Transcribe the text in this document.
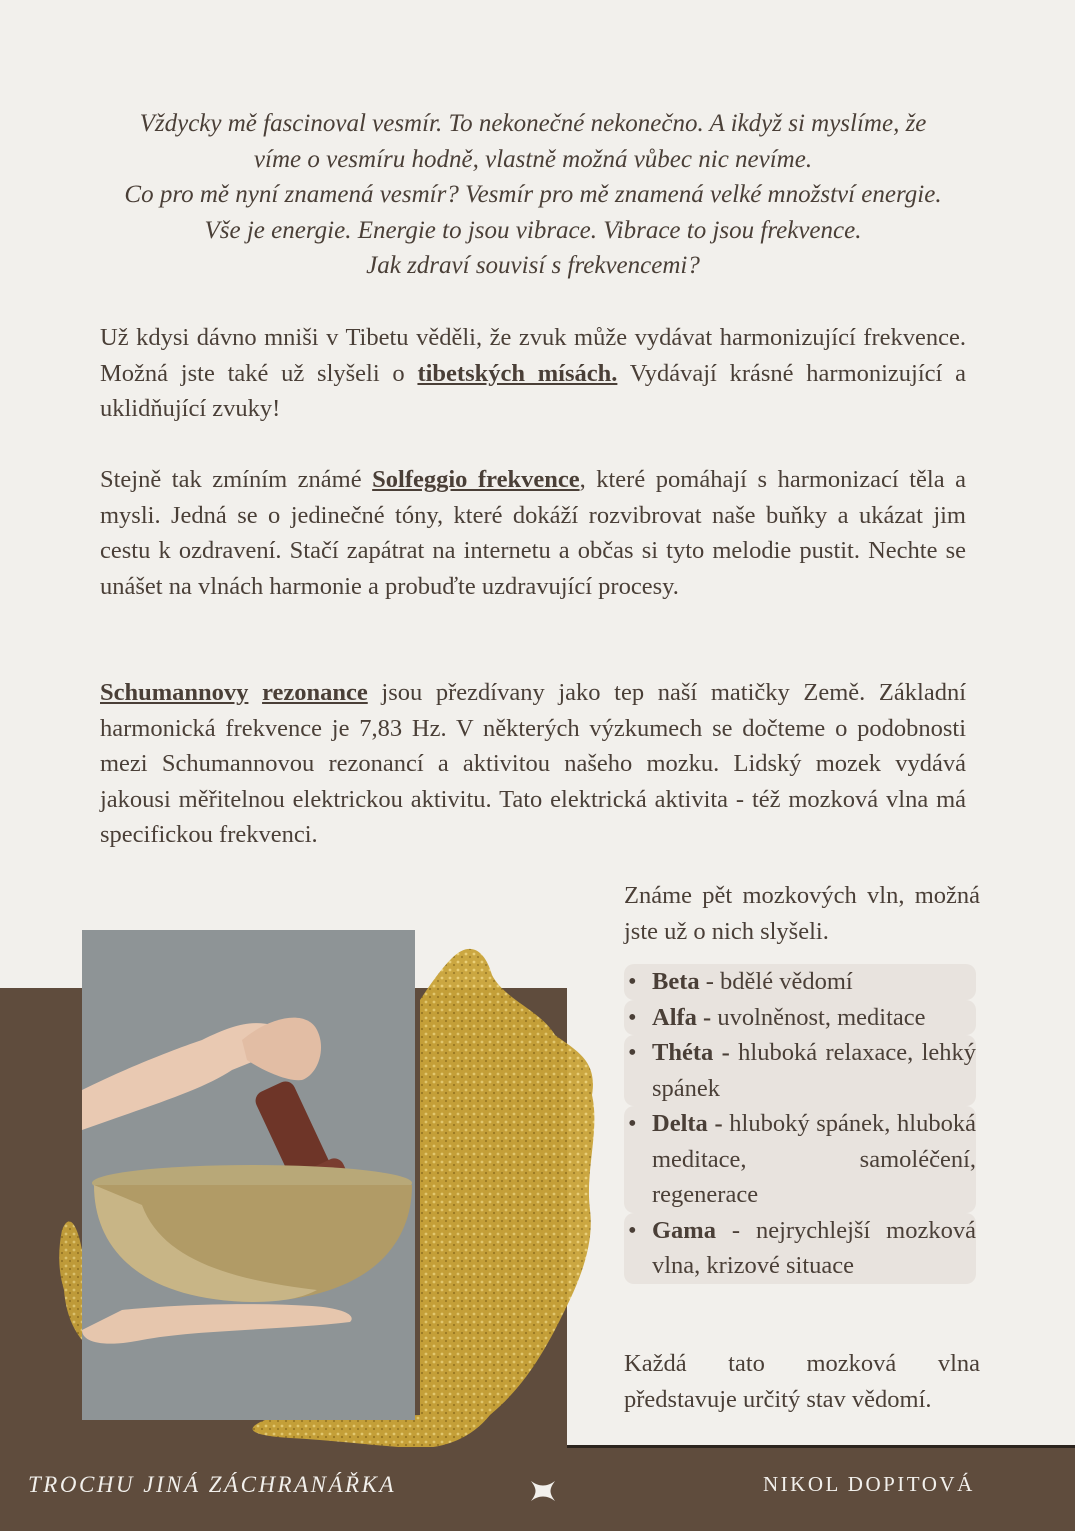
Vždycky mě fascinoval vesmír. To nekonečné nekonečno. A ikdyž si myslíme, že

víme o vesmíru hodně, vlastně možná vůbec nic nevíme.

Co pro mě nyní znamená vesmír? Vesmír pro mě znamená velké množství energie.

Vše je energie. Energie to jsou vibrace. Vibrace to jsou frekvence.

Jak zdraví souvisí s frekvencemi?

Už kdysi dávno mniši v Tibetu věděli, že zvuk může vydávat harmonizující frekvence. Možná jste také už slyšeli o tibetských mísách. Vydávají krásné harmonizující a uklidňující zvuky!

Stejně tak zmíním známé Solfeggio frekvence, které pomáhají s harmonizací těla a mysli. Jedná se o jedinečné tóny, které dokáží rozvibrovat naše buňky a ukázat jim cestu k ozdravení. Stačí zapátrat na internetu a občas si tyto melodie pustit. Nechte se unášet na vlnách harmonie a probuďte uzdravující procesy.

Schumannovy rezonance jsou přezdívany jako tep naší matičky Země. Základní harmonická frekvence je 7,83 Hz. V některých výzkumech se dočteme o podobnosti mezi Schumannovou rezonancí a aktivitou našeho mozku. Lidský mozek vydává jakousi měřitelnou elektrickou aktivitu. Tato elektrická aktivita - též mozková vlna má specifickou frekvenci.

Známe pět mozkových vln, možná jste už o nich slyšeli.

• Beta - bdělé vědomí
• Alfa - uvolněnost, meditace
• Théta - hluboká relaxace, lehký spánek
• Delta - hluboký spánek, hluboká meditace, samoléčení, regenerace
• Gama - nejrychlejší mozková vlna, krizové situace

Každá tato mozková vlna představuje určitý stav vědomí.

TROCHU JINÁ ZÁCHRANÁŘKA	NIKOL DOPITOVÁ
